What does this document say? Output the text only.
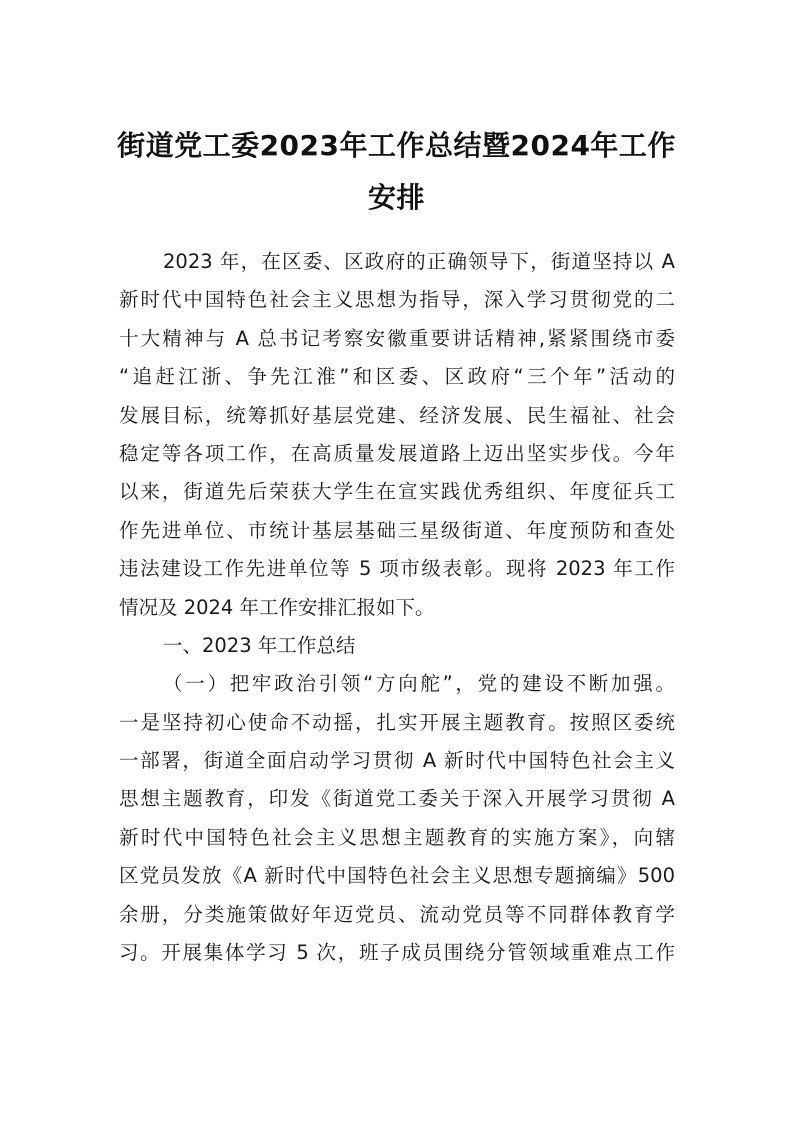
街道党工委2023年工作总结暨2024年工作
安排
2023 年，在区委、区政府的正确领导下，街道坚持以 A
新时代中国特色社会主义思想为指导，深入学习贯彻党的二
十大精神与 A 总书记考察安徽重要讲话精神,紧紧围绕市委
“追赶江浙、争先江淮”和区委、区政府“三个年”活动的
发展目标，统筹抓好基层党建、经济发展、民生福祉、社会
稳定等各项工作，在高质量发展道路上迈出坚实步伐。今年
以来，街道先后荣获大学生在宣实践优秀组织、年度征兵工
作先进单位、市统计基层基础三星级街道、年度预防和查处
违法建设工作先进单位等 5 项市级表彰。现将 2023 年工作
情况及 2024 年工作安排汇报如下。
一、2023 年工作总结
（一）把牢政治引领“方向舵”，党的建设不断加强。
一是坚持初心使命不动摇，扎实开展主题教育。按照区委统
一部署，街道全面启动学习贯彻 A 新时代中国特色社会主义
思想主题教育，印发《街道党工委关于深入开展学习贯彻 A
新时代中国特色社会主义思想主题教育的实施方案》，向辖
区党员发放《A 新时代中国特色社会主义思想专题摘编》500
余册，分类施策做好年迈党员、流动党员等不同群体教育学
习。开展集体学习 5 次，班子成员围绕分管领域重难点工作
